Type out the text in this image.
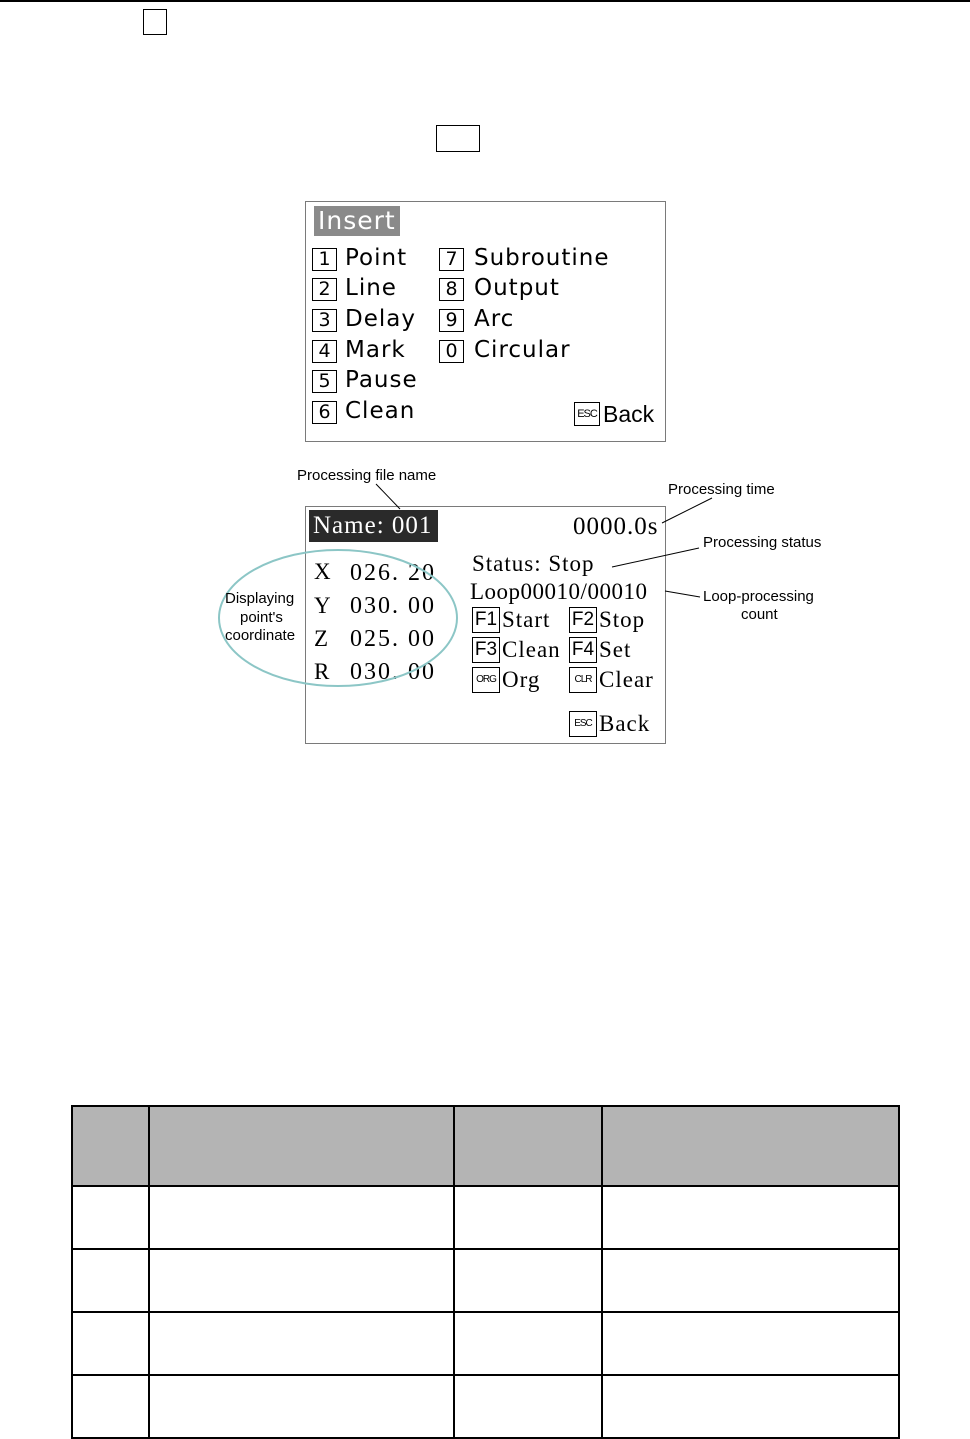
Insert
1 Point
2 Line
3 Delay
4 Mark
5 Pause
6 Clean
7 Subroutine
8 Output
9 Arc
0 Circular
ESC Back
Name: 001	0000.0s
X 026. 20
Y 030. 00
Z 025. 00
R 030. 00
Status: Stop
Loop00010/00010
F1 Start F2 Stop
F3 Clean F4 Set
ORG Org	CLR Clear
ESC Back
Processing file name
Processing time
Processing status
Loop-processing
count
Displaying
point's
coordinate
